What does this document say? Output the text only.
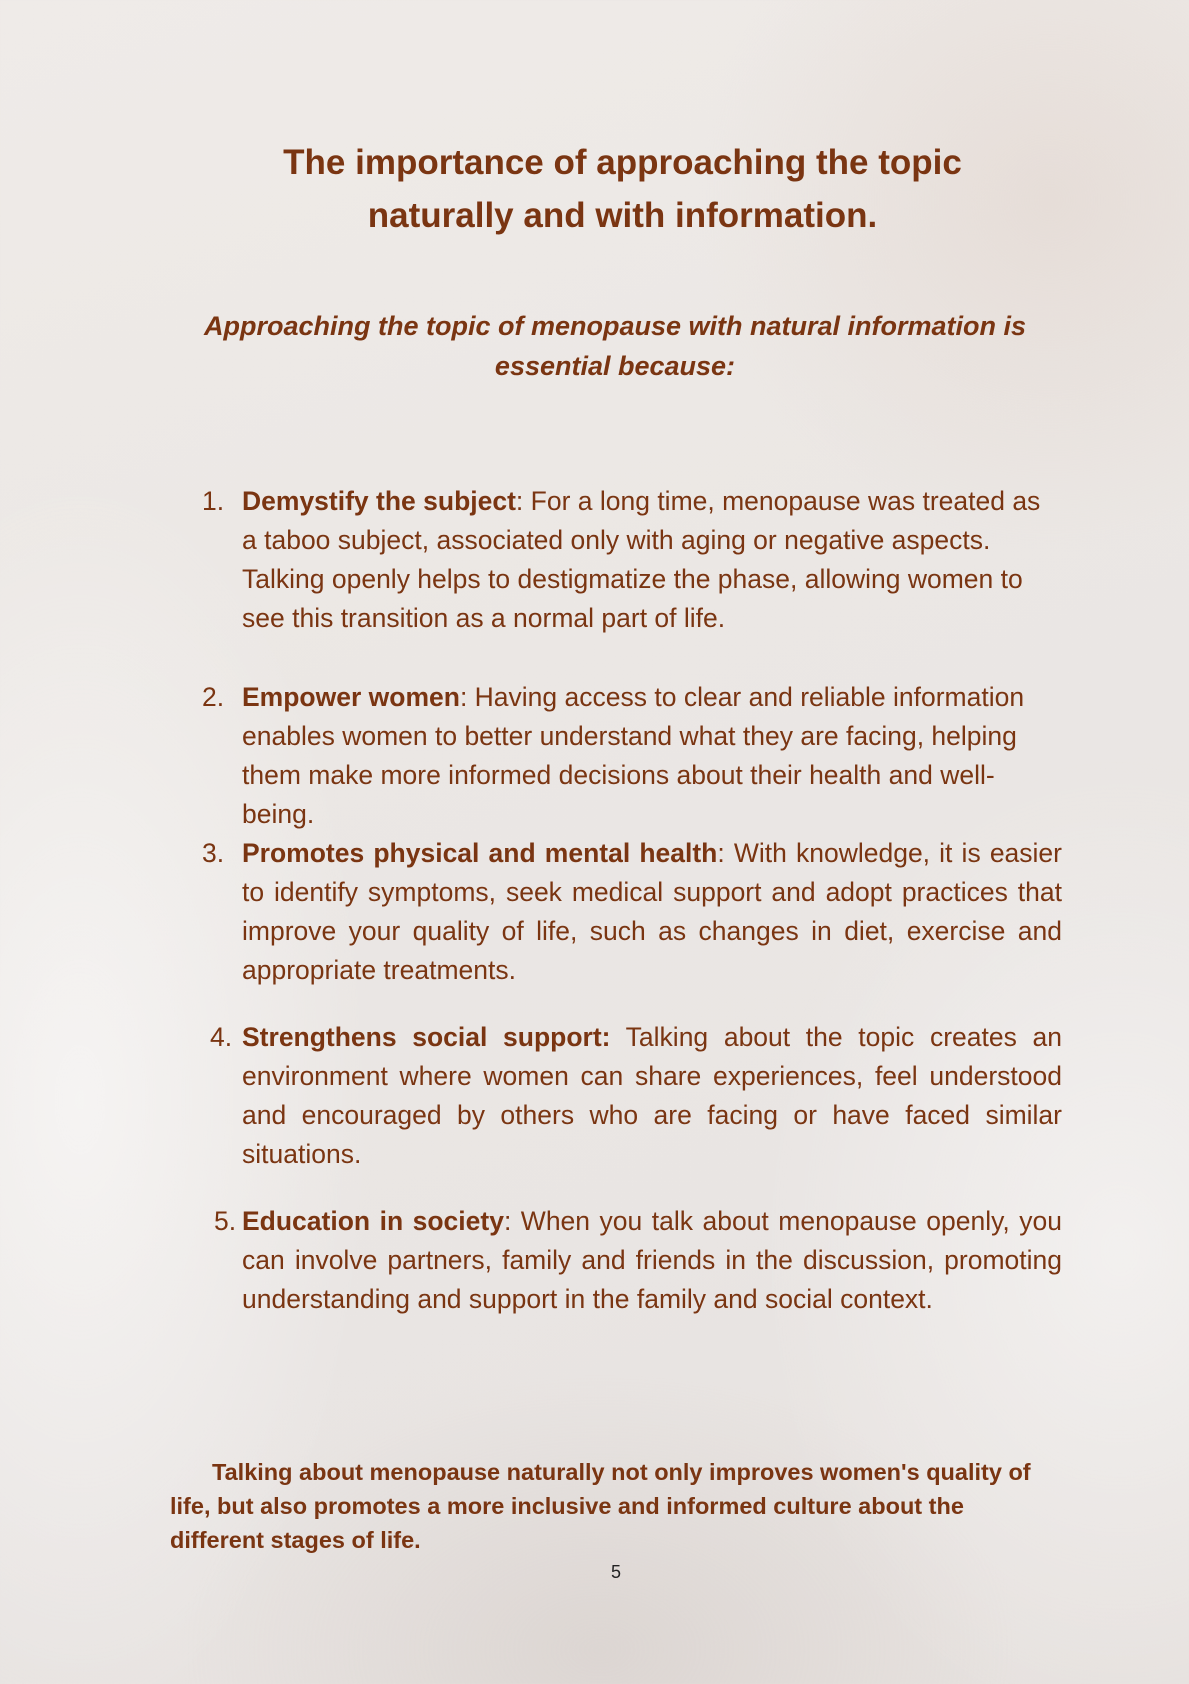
The importance of approaching the topic
naturally and with information.

Approaching the topic of menopause with natural information is essential because:

1. Demystify the subject: For a long time, menopause was treated as a taboo subject, associated only with aging or negative aspects. Talking openly helps to destigmatize the phase, allowing women to see this transition as a normal part of life.
2. Empower women: Having access to clear and reliable information enables women to better understand what they are facing, helping them make more informed decisions about their health and well-being.
3. Promotes physical and mental health: With knowledge, it is easier to identify symptoms, seek medical support and adopt practices that improve your quality of life, such as changes in diet, exercise and appropriate treatments.
4. Strengthens social support: Talking about the topic creates an environment where women can share experiences, feel understood and encouraged by others who are facing or have faced similar situations.
5. Education in society: When you talk about menopause openly, you can involve partners, family and friends in the discussion, promoting understanding and support in the family and social context.

Talking about menopause naturally not only improves women's quality of life, but also promotes a more inclusive and informed culture about the different stages of life.

5
